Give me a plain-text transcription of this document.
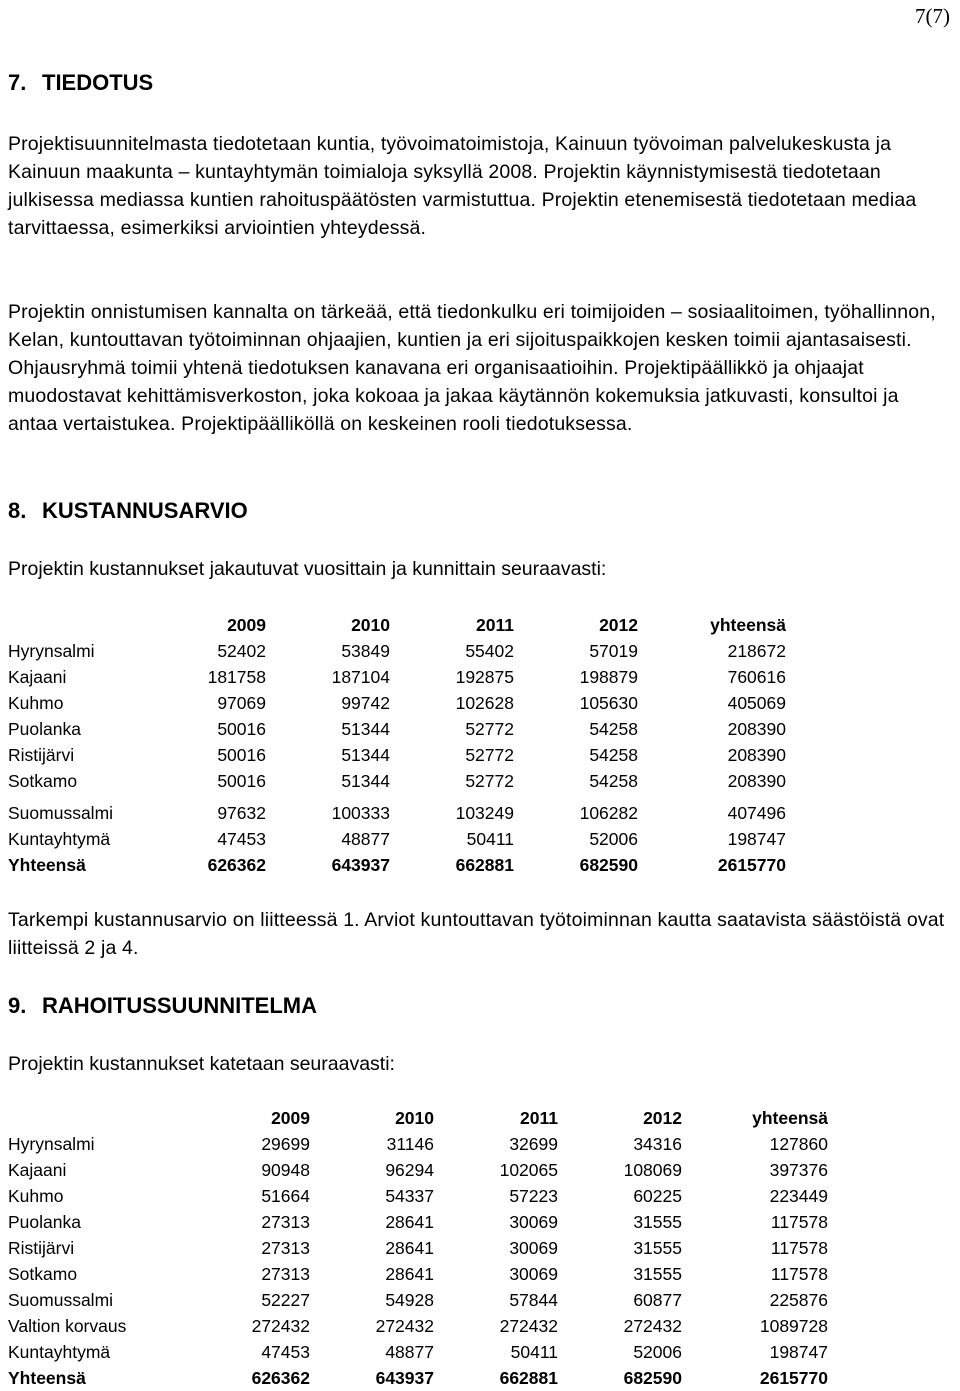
7(7)
7. TIEDOTUS

Projektisuunnitelmasta tiedotetaan kuntia, työvoimatoimistoja, Kainuun työvoiman palvelukeskusta ja Kainuun maakunta – kuntayhtymän toimialoja syksyllä 2008. Projektin käynnistymisestä tiedotetaan julkisessa mediassa kuntien rahoituspäätösten varmistuttua. Projektin etenemisestä tiedotetaan mediaa tarvittaessa, esimerkiksi arviointien yhteydessä.

Projektin onnistumisen kannalta on tärkeää, että tiedonkulku eri toimijoiden – sosiaalitoimen, työhallinnon, Kelan, kuntouttavan työtoiminnan ohjaajien, kuntien ja eri sijoituspaikkojen kesken toimii ajantasaisesti. Ohjausryhmä toimii yhtenä tiedotuksen kanavana eri organisaatioihin. Projektipäällikkö ja ohjaajat muodostavat kehittämisverkoston, joka kokoaa ja jakaa käytännön kokemuksia jatkuvasti, konsultoi ja antaa vertaistukea. Projektipäälliköllä on keskeinen rooli tiedotuksessa.

8. KUSTANNUSARVIO

Projektin kustannukset jakautuvat vuosittain ja kunnittain seuraavasti:

	2009	2010	2011	2012	yhteensä
Hyrynsalmi	52402	53849	55402	57019	218672
Kajaani	181758	187104	192875	198879	760616
Kuhmo	97069	99742	102628	105630	405069
Puolanka	50016	51344	52772	54258	208390
Ristijärvi	50016	51344	52772	54258	208390
Sotkamo	50016	51344	52772	54258	208390
Suomussalmi	97632	100333	103249	106282	407496
Kuntayhtymä	47453	48877	50411	52006	198747
Yhteensä	626362	643937	662881	682590	2615770

Tarkempi kustannusarvio on liitteessä 1. Arviot kuntouttavan työtoiminnan kautta saatavista säästöistä ovat liitteissä 2 ja 4.

9. RAHOITUSSUUNNITELMA

Projektin kustannukset katetaan seuraavasti:

	2009	2010	2011	2012	yhteensä
Hyrynsalmi	29699	31146	32699	34316	127860
Kajaani	90948	96294	102065	108069	397376
Kuhmo	51664	54337	57223	60225	223449
Puolanka	27313	28641	30069	31555	117578
Ristijärvi	27313	28641	30069	31555	117578
Sotkamo	27313	28641	30069	31555	117578
Suomussalmi	52227	54928	57844	60877	225876
Valtion korvaus	272432	272432	272432	272432	1089728
Kuntayhtymä	47453	48877	50411	52006	198747
Yhteensä	626362	643937	662881	682590	2615770
